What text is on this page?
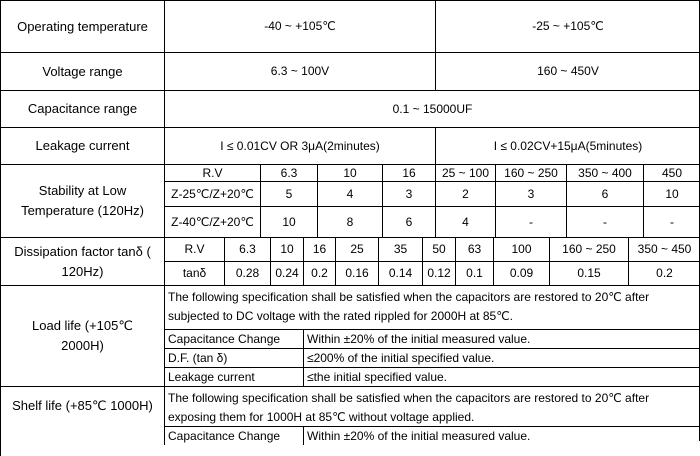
Operating temperature	-40 ~ +105℃	-25 ~ +105℃
Voltage range	6.3 ~ 100V	160 ~ 450V
Capacitance range	0.1 ~ 15000UF
Leakage current	I ≤ 0.01CV OR 3μA(2minutes)	I ≤ 0.02CV+15μA(5minutes)
Stability at Low Temperature (120Hz)
R.V	6.3	10	16	25 ~ 100	160 ~ 250	350 ~ 400	450
Z-25℃/Z+20℃	5	4	3	2	3	6	10
Z-40℃/Z+20℃	10	8	6	4	-	-	-
Dissipation factor tanδ ( 120Hz)
R.V	6.3	10	16	25	35	50	63	100	160 ~ 250	350 ~ 450
tanδ	0.28	0.24	0.2	0.16	0.14	0.12	0.1	0.09	0.15	0.2
Load life (+105℃ 2000H)
The following specification shall be satisfied when the capacitors are restored to 20℃ after subjected to DC voltage with the rated rippled for 2000H at 85℃.
Capacitance Change	Within ±20% of the initial measured value.
D.F. (tan δ)	≤200% of the initial specified value.
Leakage current	≤the initial specified value.
Shelf life (+85℃ 1000H)	The following specification shall be satisfied when the capacitors are restored to 20℃ after exposing them for 1000H at 85℃ without voltage applied.
Capacitance Change	Within ±20% of the initial measured value.
